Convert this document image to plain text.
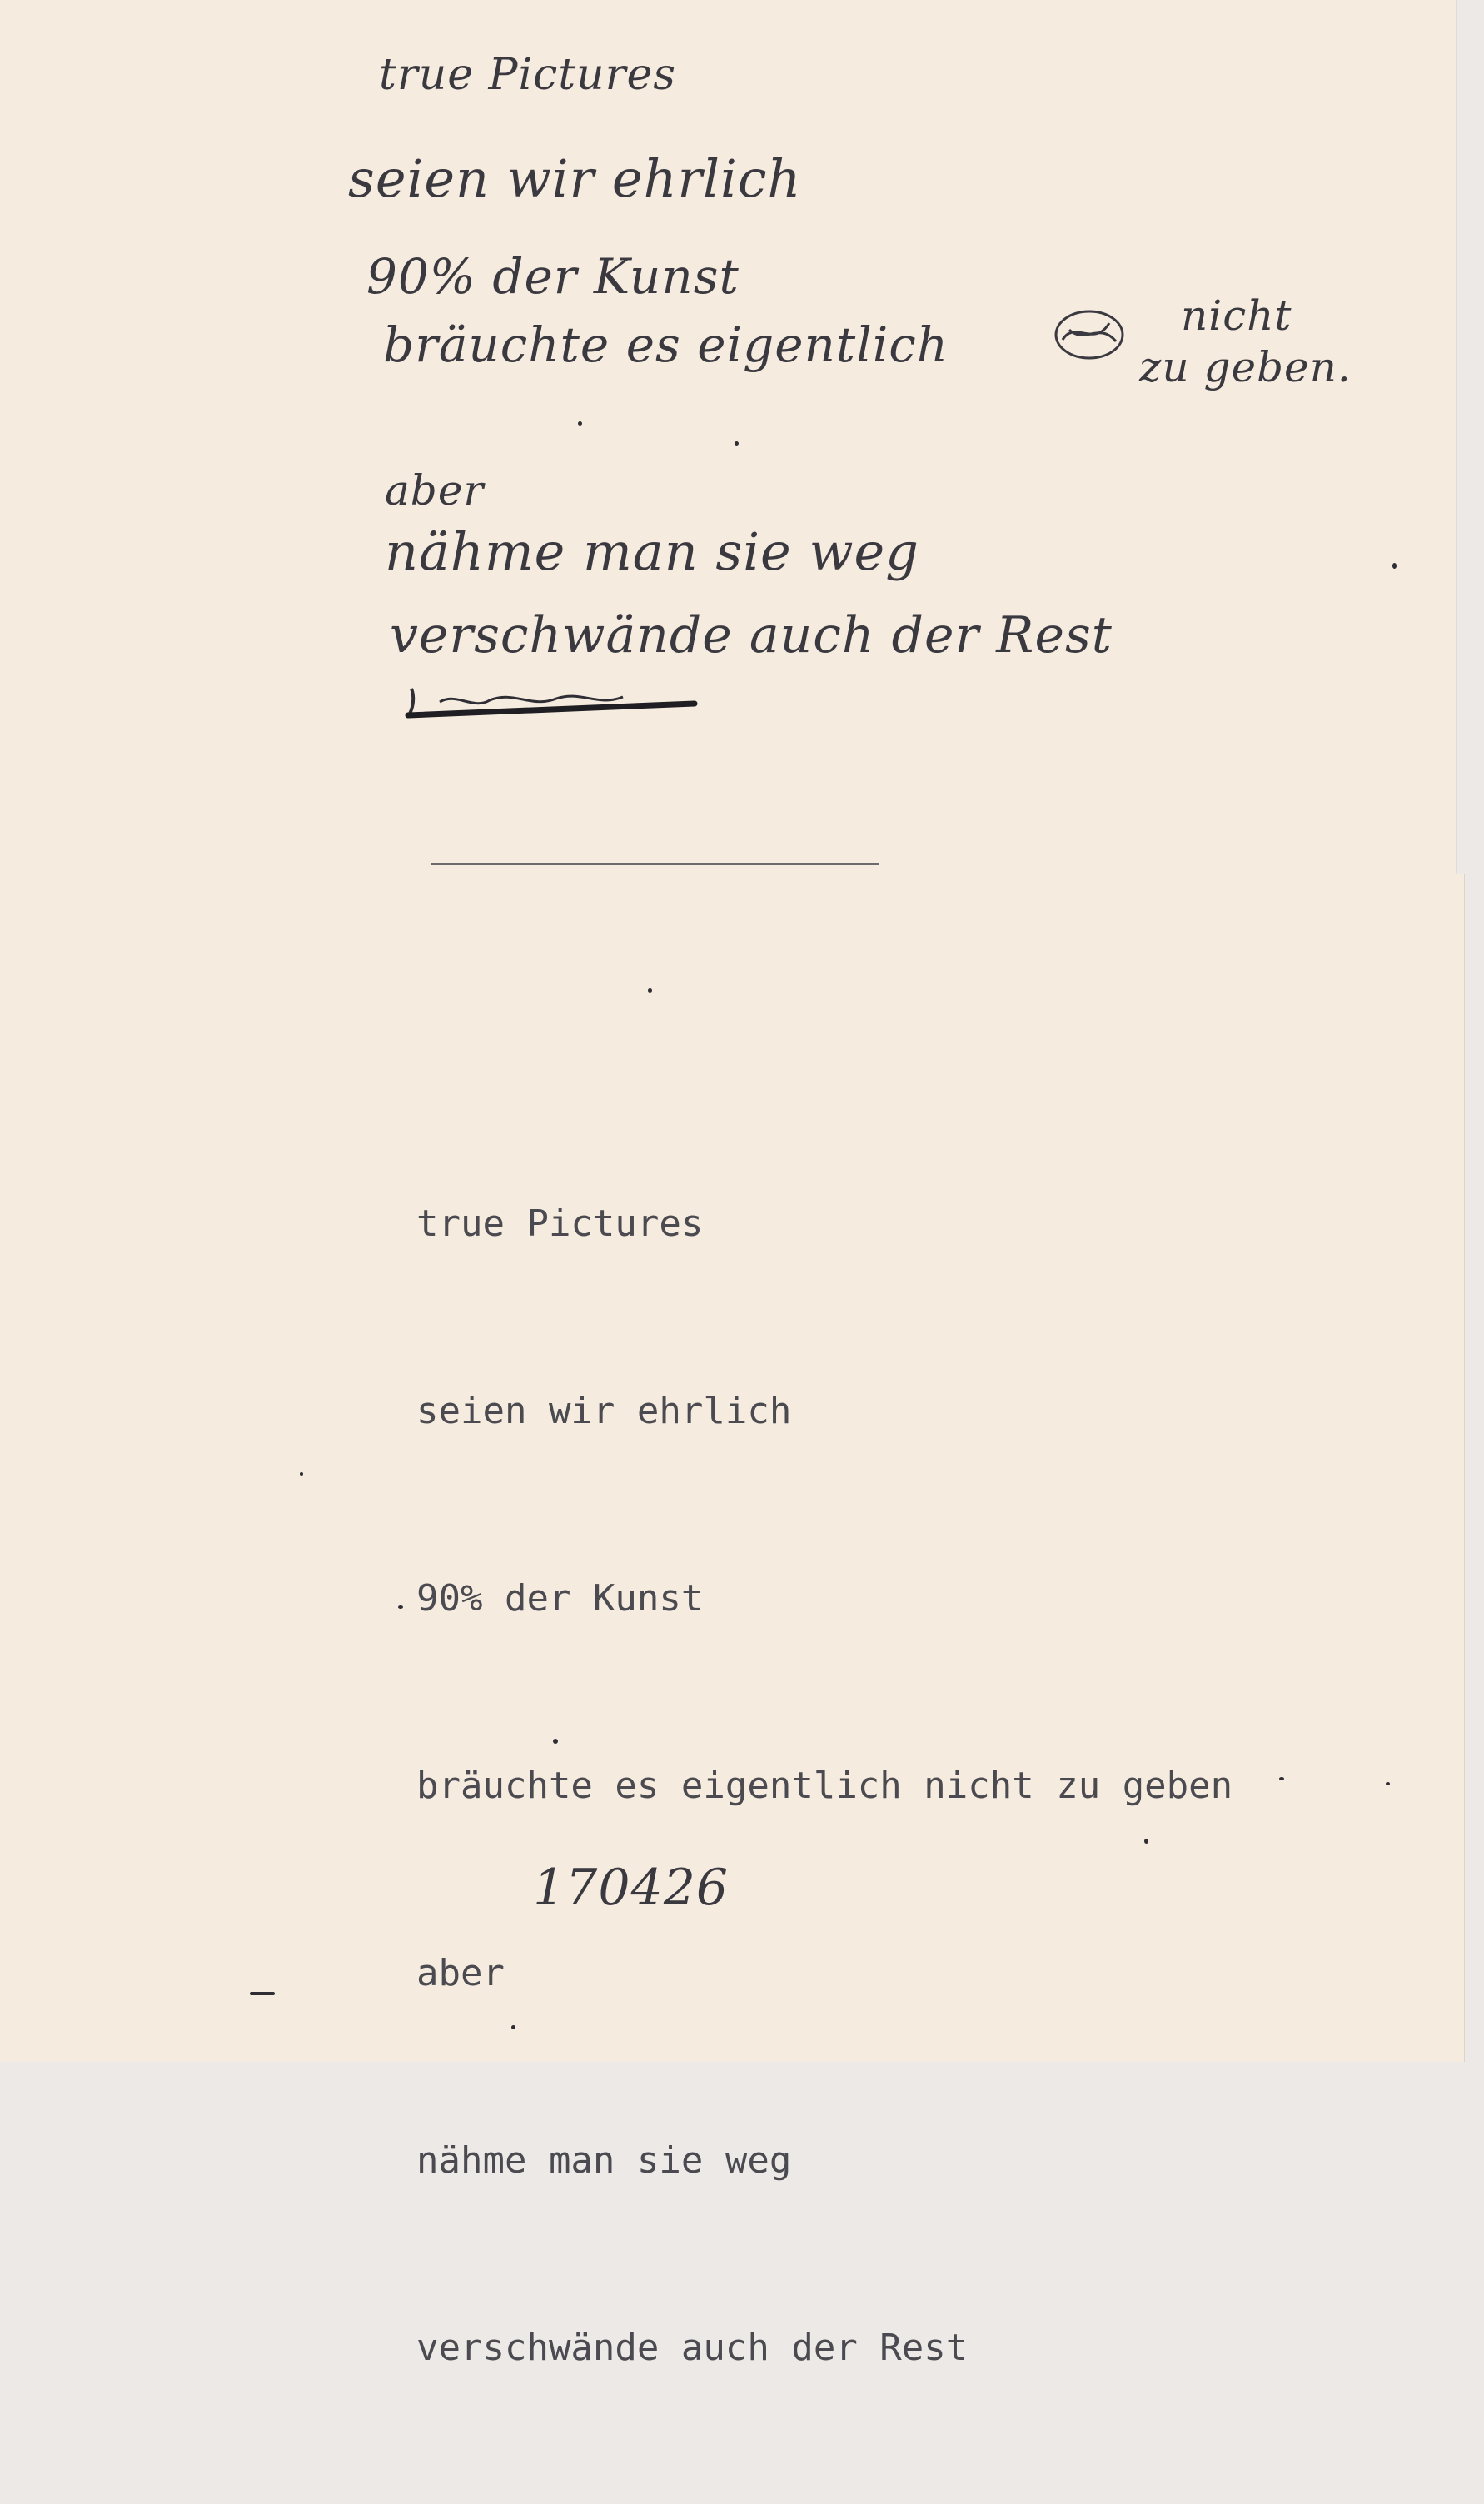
true Pictures
seien wir ehrlich
90% der Kunst
bräuchte es eigentlich
nicht
zu geben.
aber
nähme man sie weg
verschwände auch der Rest

true Pictures

seien wir ehrlich

90% der Kunst

bräuchte es eigentlich nicht zu geben

aber

nähme man sie weg

verschwände auch der Rest

170426
